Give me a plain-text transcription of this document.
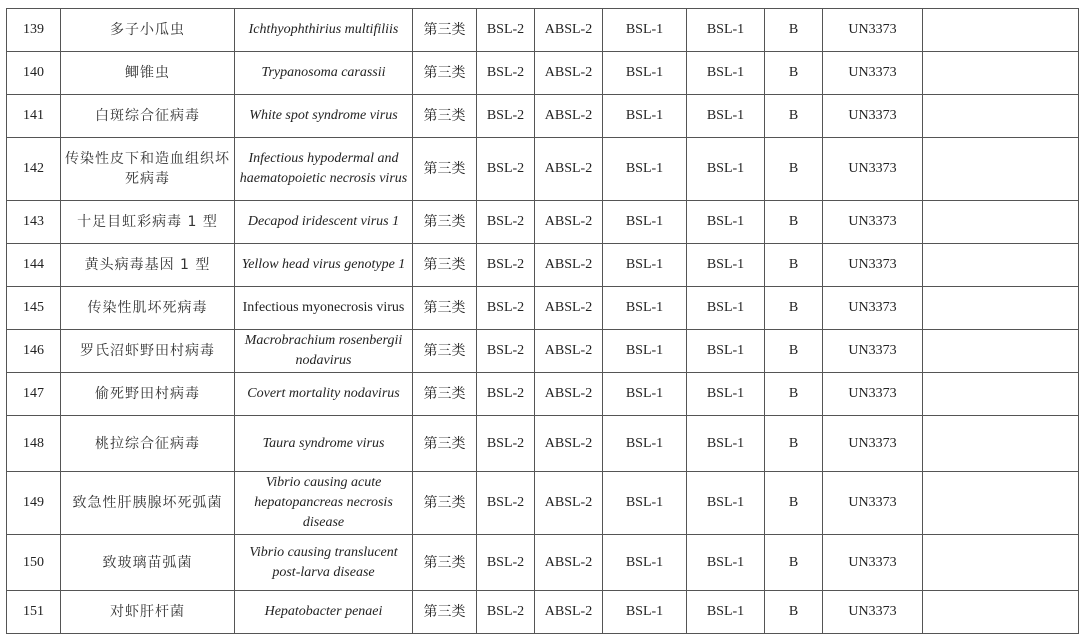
139	多子小瓜虫	Ichthyophthirius multifiliis	第三类	BSL-2	ABSL-2	BSL-1	BSL-1	B	UN3373	
140	鲫锥虫	Trypanosoma carassii	第三类	BSL-2	ABSL-2	BSL-1	BSL-1	B	UN3373	
141	白斑综合征病毒	White spot syndrome virus	第三类	BSL-2	ABSL-2	BSL-1	BSL-1	B	UN3373	
142	传染性皮下和造血组织坏死病毒	Infectious hypodermal and haematopoietic necrosis virus	第三类	BSL-2	ABSL-2	BSL-1	BSL-1	B	UN3373	
143	十足目虹彩病毒 1 型	Decapod iridescent virus 1	第三类	BSL-2	ABSL-2	BSL-1	BSL-1	B	UN3373	
144	黄头病毒基因 1 型	Yellow head virus genotype 1	第三类	BSL-2	ABSL-2	BSL-1	BSL-1	B	UN3373	
145	传染性肌坏死病毒	Infectious myonecrosis virus	第三类	BSL-2	ABSL-2	BSL-1	BSL-1	B	UN3373	
146	罗氏沼虾野田村病毒	Macrobrachium rosenbergii nodavirus	第三类	BSL-2	ABSL-2	BSL-1	BSL-1	B	UN3373	
147	偷死野田村病毒	Covert mortality nodavirus	第三类	BSL-2	ABSL-2	BSL-1	BSL-1	B	UN3373	
148	桃拉综合征病毒	Taura syndrome virus	第三类	BSL-2	ABSL-2	BSL-1	BSL-1	B	UN3373	
149	致急性肝胰腺坏死弧菌	Vibrio causing acute hepatopancreas necrosis disease	第三类	BSL-2	ABSL-2	BSL-1	BSL-1	B	UN3373	
150	致玻璃苗弧菌	Vibrio causing translucent post-larva disease	第三类	BSL-2	ABSL-2	BSL-1	BSL-1	B	UN3373	
151	对虾肝杆菌	Hepatobacter penaei	第三类	BSL-2	ABSL-2	BSL-1	BSL-1	B	UN3373	
